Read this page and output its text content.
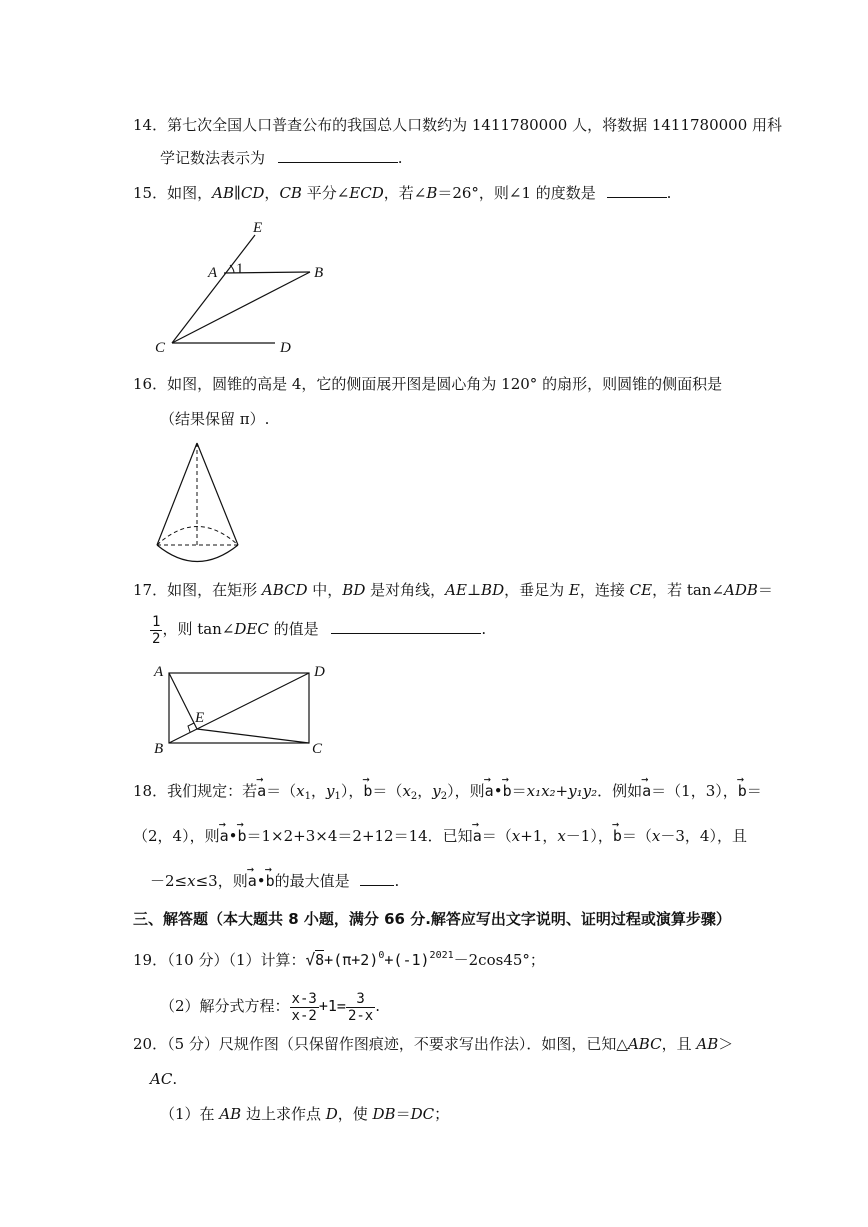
14．第七次全国人口普查公布的我国总人口数约为 1411780000 人，将数据 1411780000 用科
学记数法表示为	.
15．如图，AB∥CD，CB 平分∠ECD，若∠B＝26°，则∠1 的度数是	.
E
A 1	B
C	D
16．如图，圆锥的高是 4，它的侧面展开图是圆心角为 120° 的扇形，则圆锥的侧面积是
（结果保留 π）.
17．如图，在矩形 ABCD 中，BD 是对角线，AE⊥BD，垂足为 E，连接 CE，若 tan∠ADB＝
$\frac{1}{2}$ ，则 tan∠DEC 的值是	.
A	D
E
B	C
18．我们规定：若→ $a=(x_1$，$y_1$），→ $b=(x_2$，$y_2$），则→ a•→ b＝x₁x₂+y₁y₂．例如→ a＝（1，3），→ b＝
（2，4），则→ a•→ b＝1×2+3×4＝2+12＝14．已知→ a＝（x+1，x－1），→ b＝（x－3，4），且
－2≤x≤3，则→ a•→ b的最大值是	.
三、解答题（本大题共 8 小题，满分 66 分.解答应写出文字说明、证明过程或演算步骤）
19．（10 分）（1）计算：$√8+(\pi+2)^0+(-1)^{2021}-2\cos 45^\circ$；
（2）解分式方程： $\frac{x-3}{x-2} +1= \frac{3}{2-x}$ .
20．（5 分）尺规作图（只保留作图痕迹，不要求写出作法）．如图，已知△ABC，且 AB＞
AC.
（1）在 AB 边上求作点 D，使 DB＝DC；
